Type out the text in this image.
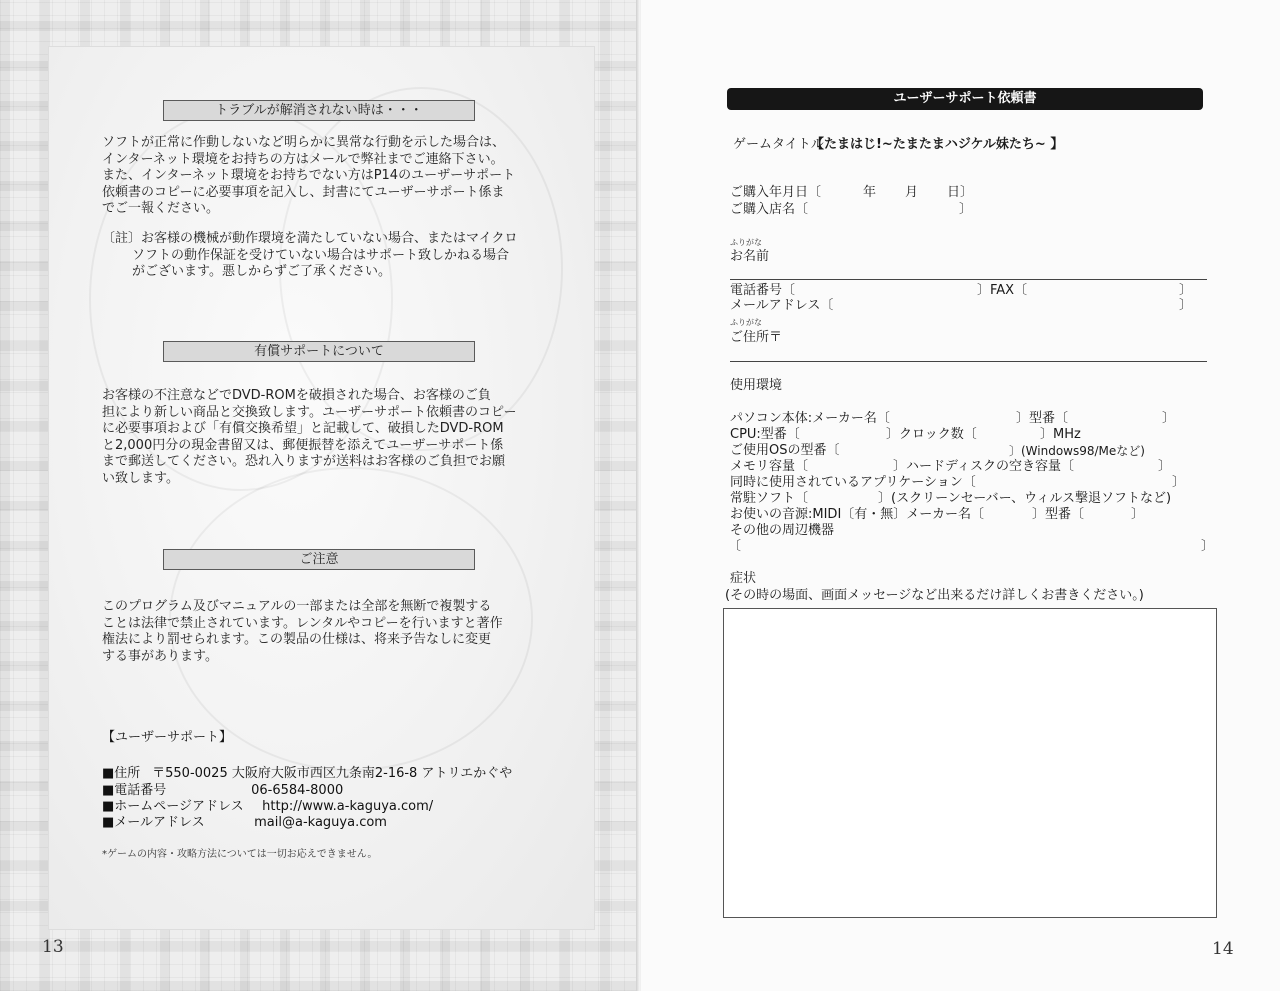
トラブルが解消されない時は・・・
ソフトが正常に作動しないなど明らかに異常な行動を示した場合は、
インターネット環境をお持ちの方はメールで弊社までご連絡下さい。
また、インターネット環境をお持ちでない方はP14のユーザーサポート
依頼書のコピーに必要事項を記入し、封書にてユーザーサポート係ま
でご一報ください。
〔註〕お客様の機械が動作環境を満たしていない場合、またはマイクロ
ソフトの動作保証を受けていない場合はサポート致しかねる場合
がございます。悪しからずご了承ください。
有償サポートについて
お客様の不注意などでDVD-ROMを破損された場合、お客様のご負
担により新しい商品と交換致します。ユーザーサポート依頼書のコピー
に必要事項および「有償交換希望」と記載して、破損したDVD-ROM
と2,000円分の現金書留又は、郵便振替を添えてユーザーサポート係
まで郵送してください。恐れ入りますが送料はお客様のご負担でお願
い致します。
ご注意
このプログラム及びマニュアルの一部または全部を無断で複製する
ことは法律で禁止されています。レンタルやコピーを行いますと著作
権法により罰せられます。この製品の仕様は、将来予告なしに変更
する事があります。
【ユーザーサポート】
■住所 〒550-0025 大阪府大阪市西区九条南2-16-8 アトリエかぐや
■電話番号	06-6584-8000
■ホームページアドレス http://www.a-kaguya.com/
■メールアドレス	mail@a-kaguya.com
*ゲームの内容・攻略方法については一切お応えできません。
13
ユーザーサポート依頼書
ゲームタイトル
【たまはじ!~たまたまハジケル妹たち~ 】
ご購入年月日〔	年 月 日〕
ご購入店名〔	〕
ふりがな
お名前
電話番号〔	〕FAX〔	〕
メールアドレス〔	〕
ふりがな
ご住所〒
使用環境
パソコン本体:メーカー名〔	〕型番〔	〕
CPU:型番〔	〕クロック数〔	〕MHz
ご使用OSの型番〔	〕(Windows98/Meなど)
メモリ容量〔	〕ハードディスクの空き容量〔	〕
同時に使用されているアプリケーション〔	〕
常駐ソフト〔	〕(スクリーンセーバー、ウィルス撃退ソフトなど)
お使いの音源:MIDI〔有・無〕メーカー名〔	〕型番〔	〕
その他の周辺機器
〔	〕
症状
(その時の場面、画面メッセージなど出来るだけ詳しくお書きください。)
14
